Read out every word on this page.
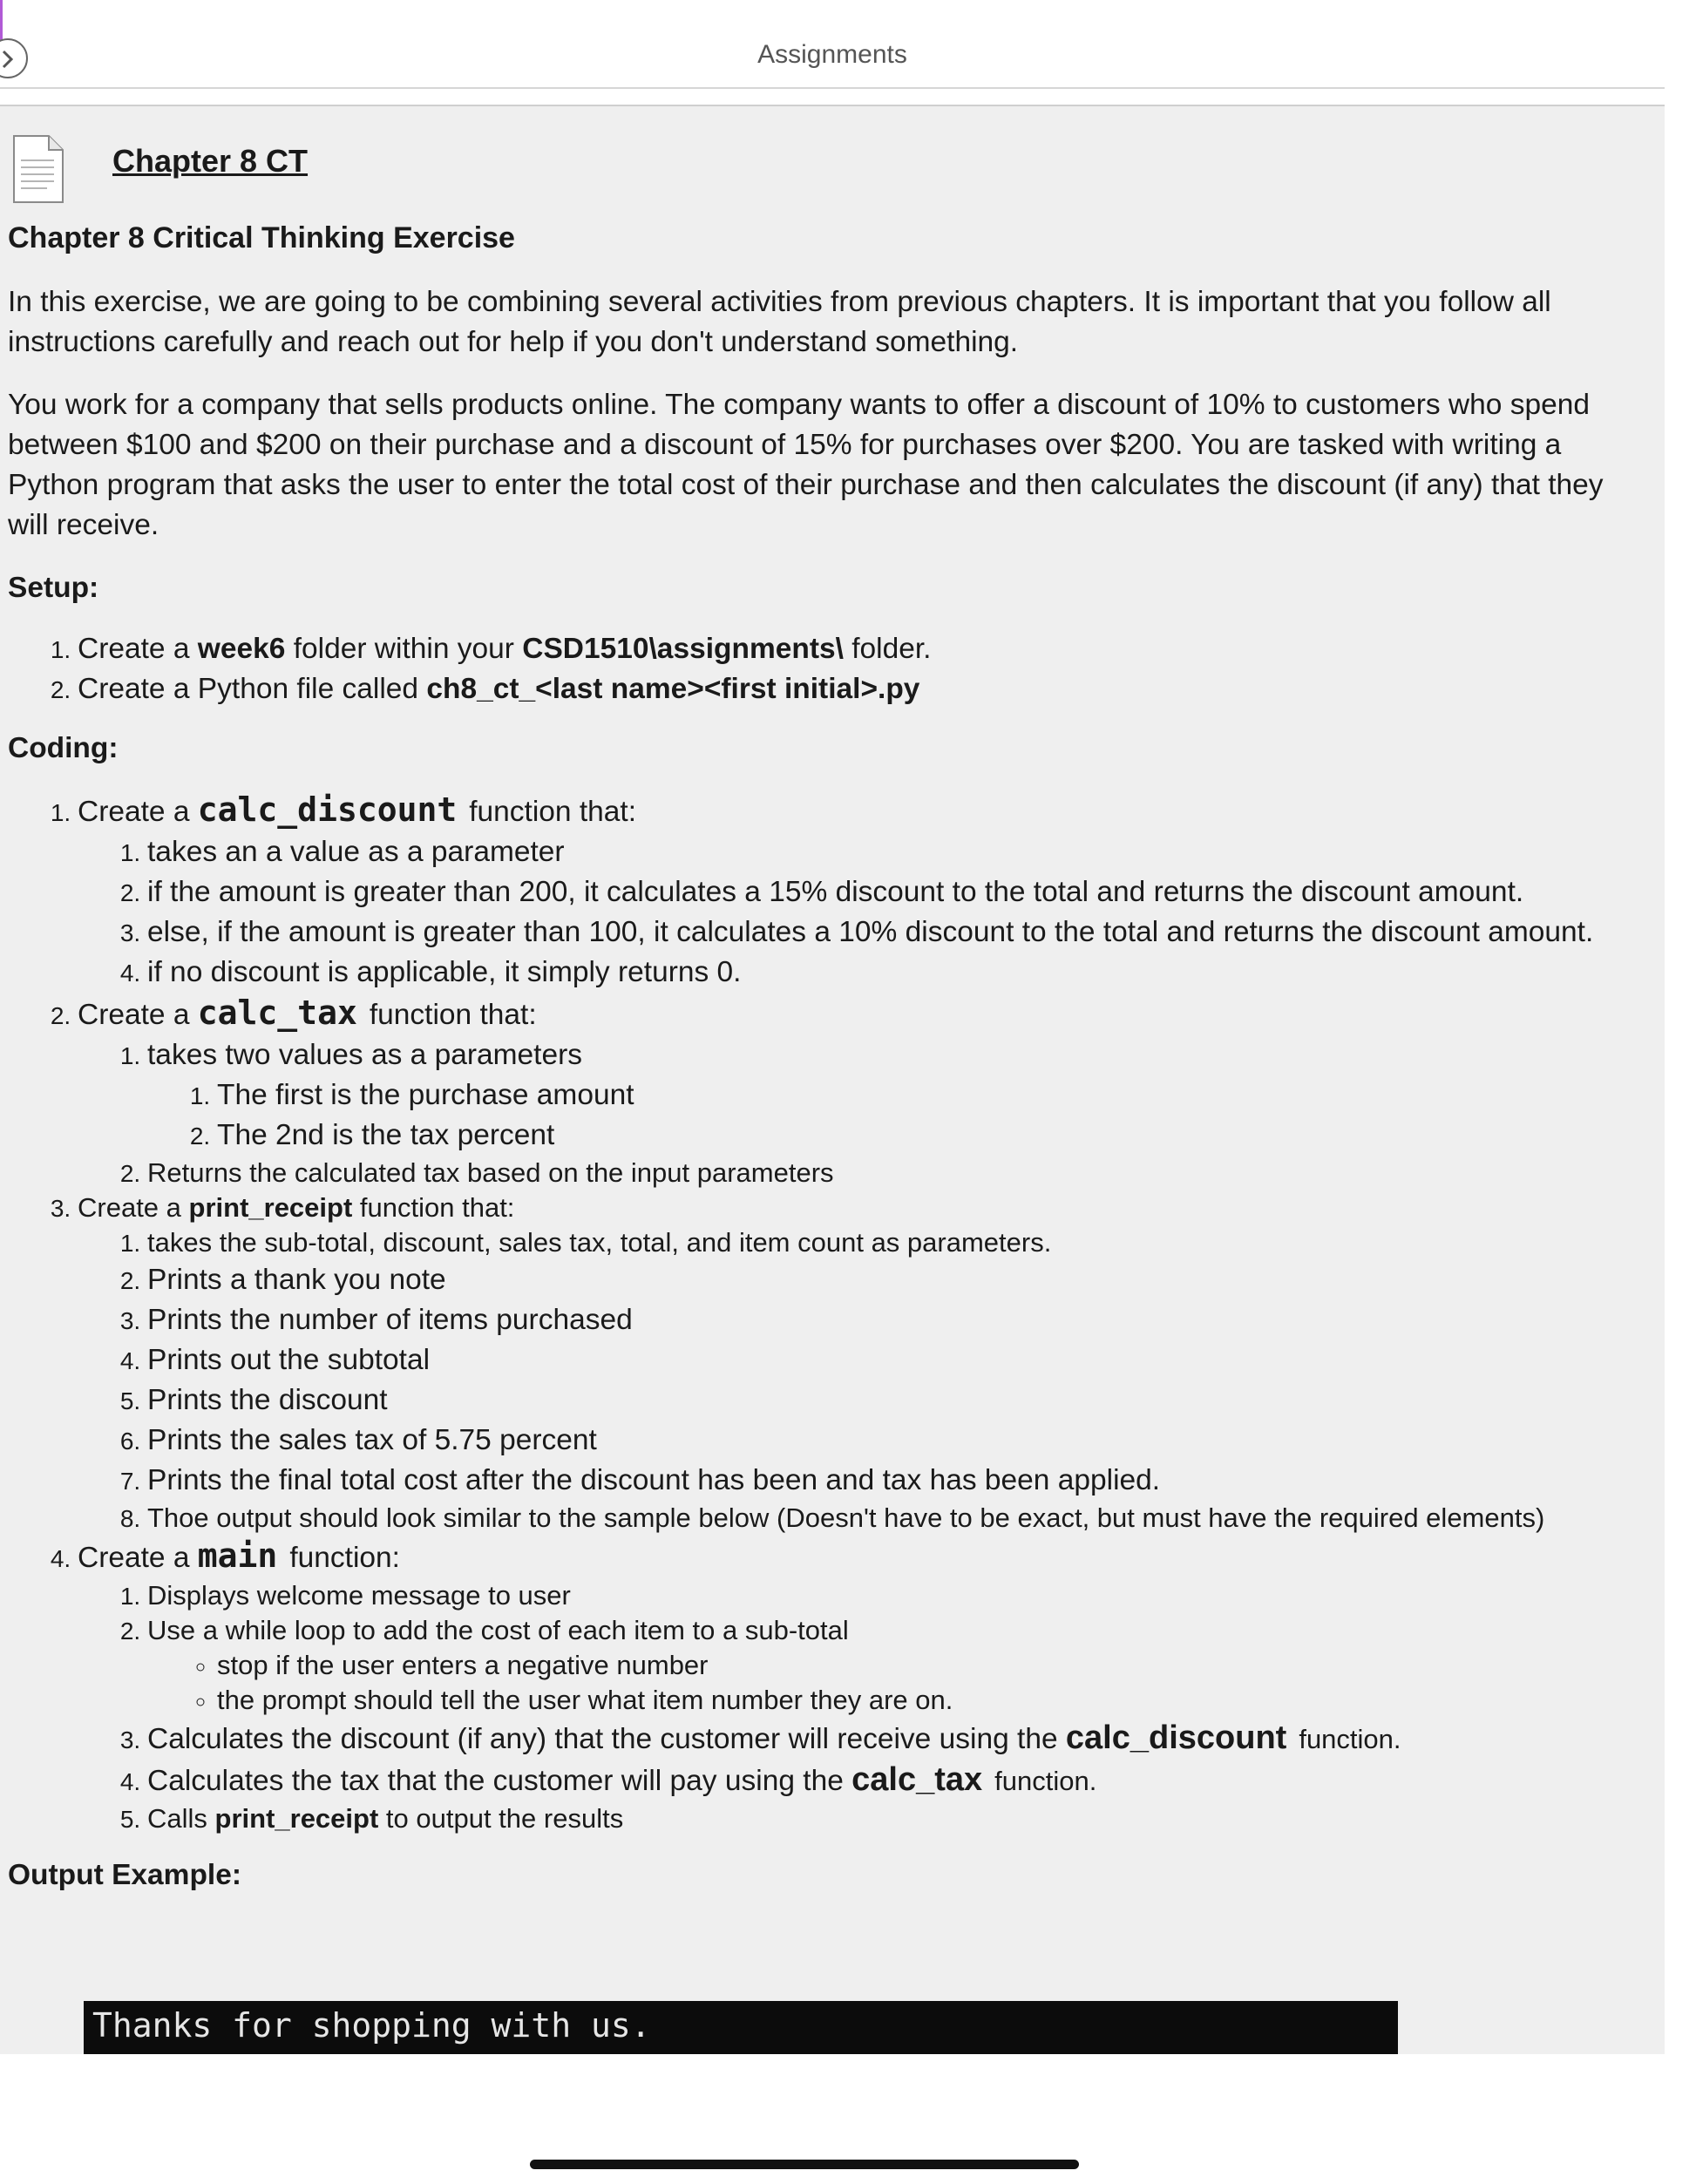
Assignments
Chapter 8 CT
Chapter 8 Critical Thinking Exercise

In this exercise, we are going to be combining several activities from previous chapters. It is important that you follow all instructions carefully and reach out for help if you don't understand something.

You work for a company that sells products online. The company wants to offer a discount of 10% to customers who spend between $100 and $200 on their purchase and a discount of 15% for purchases over $200. You are tasked with writing a Python program that asks the user to enter the total cost of their purchase and then calculates the discount (if any) that they will receive.

Setup:
1. Create a week6 folder within your CSD1510\assignments\ folder.
2. Create a Python file called ch8_ct_<last name><first initial>.py
Coding:
1. Create a calc_discount function that:
1. takes an a value as a parameter
2. if the amount is greater than 200, it calculates a 15% discount to the total and returns the discount amount.
3. else, if the amount is greater than 100, it calculates a 10% discount to the total and returns the discount amount.
4. if no discount is applicable, it simply returns 0.
2. Create a calc_tax function that:
1. takes two values as a parameters
1. The first is the purchase amount
2. The 2nd is the tax percent
2. Returns the calculated tax based on the input parameters
3. Create a print_receipt function that:
1. takes the sub-total, discount, sales tax, total, and item count as parameters.
2. Prints a thank you note
3. Prints the number of items purchased
4. Prints out the subtotal
5. Prints the discount
6. Prints the sales tax of 5.75 percent
7. Prints the final total cost after the discount has been and tax has been applied.
8. Thoe output should look similar to the sample below (Doesn't have to be exact, but must have the required elements)
4. Create a main function:
1. Displays welcome message to user
2. Use a while loop to add the cost of each item to a sub-total
◦ stop if the user enters a negative number
◦ the prompt should tell the user what item number they are on.
3. Calculates the discount (if any) that the customer will receive using the calc_discount function.
4. Calculates the tax that the customer will pay using the calc_tax function.
5. Calls print_receipt to output the results
Output Example:
Thanks for shopping with us.
